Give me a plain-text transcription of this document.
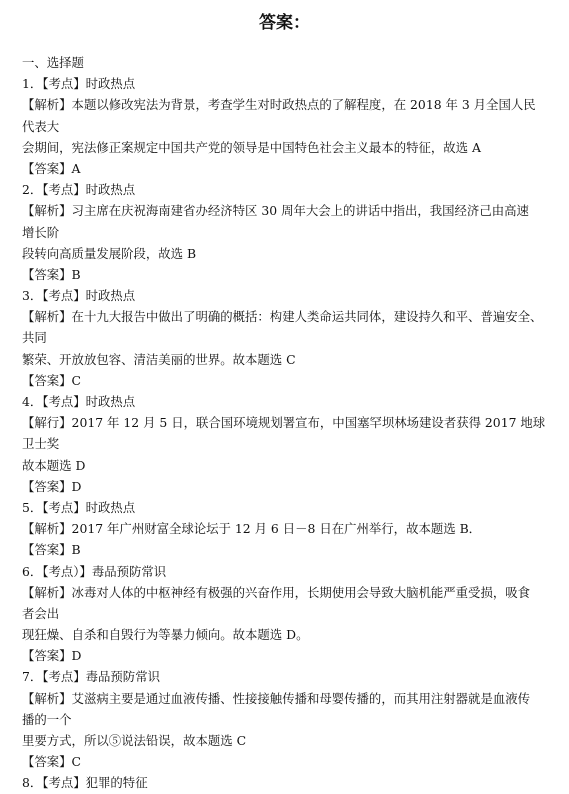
答案：
一、选择题
1．【考点】时政热点
【解析】本题以修改宪法为背景，考查学生对时政热点的了解程度，在 2018 年 3 月全国人民
代表大
会期间，宪法修正案规定中国共产党的领导是中国特色社会主义最本的特征，故选 A
【答案】A
2．【考点】时政热点
【解析】习主席在庆祝海南建省办经济特区 30 周年大会上的讲话中指出，我国经济己由高速
增长阶
段转向高质量发展阶段，故选 B
【答案】B
3．【考点】时政热点
【解析】在十九大报告中做出了明确的概括：构建人类命运共同体，建设持久和平、普遍安全、
共同
繁荣、开放放包容、清洁美丽的世界。故本题选 C
【答案】C
4．【考点】时政热点
【解行】2017 年 12 月 5 日，联合国环境规划署宣布，中国塞罕坝林场建设者获得 2017 地球
卫士奖
故本题选 D
【答案】D
5．【考点】时政热点
【解析】2017 年广州财富全球论坛于 12 月 6 日－8 日在广州举行，故本题选 B．
【答案】B
6．【考点）】毒品预防常识
【解析】冰毒对人体的中枢神经有极强的兴奋作用，长期使用会导致大脑机能严重受损，吸食
者会出
现狂燥、自杀和自毁行为等暴力倾向。故本题选 D。
【答案】D
7．【考点】毒品预防常识
【解析】艾滋病主要是通过血液传播、性接接触传播和母婴传播的，而其用注射器就是血液传
播的一个
里要方式，所以⑤说法铅误，故本题选 C
【答案】C
8．【考点】犯罪的特征
